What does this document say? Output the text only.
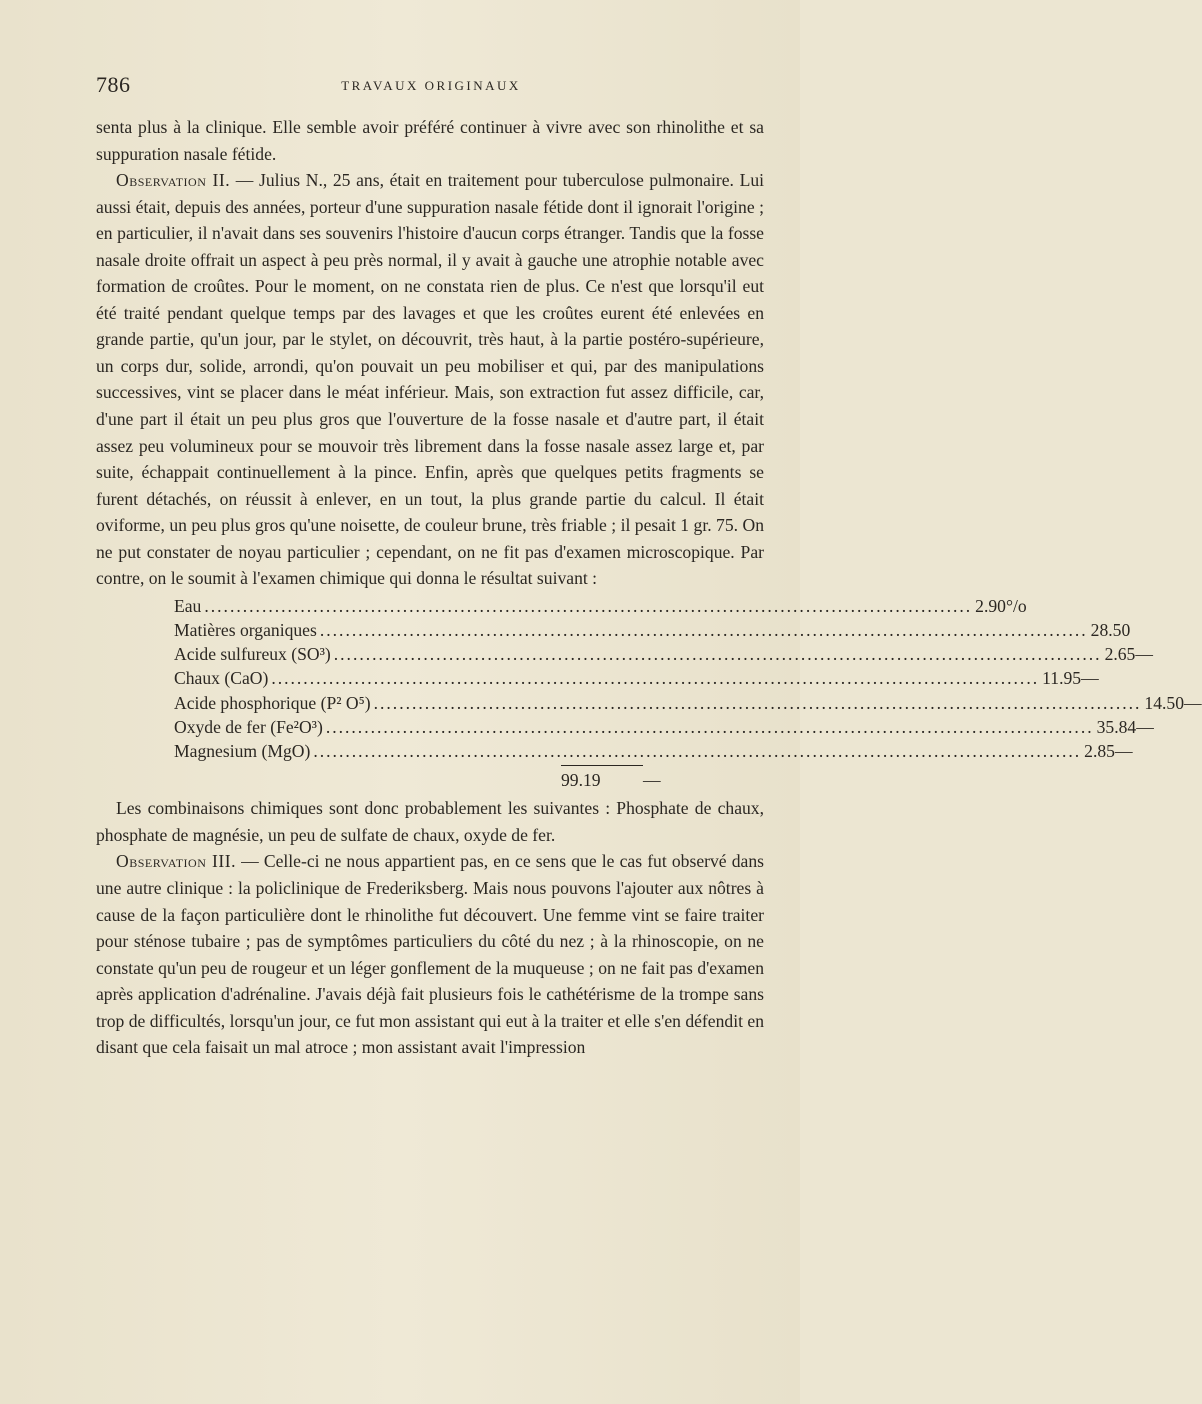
786	TRAVAUX ORIGINAUX

senta plus à la clinique. Elle semble avoir préféré continuer à vivre avec son rhinolithe et sa suppuration nasale fétide.

Observation II. — Julius N., 25 ans, était en traitement pour tuberculose pulmonaire. Lui aussi était, depuis des années, porteur d'une suppuration nasale fétide dont il ignorait l'origine ; en particulier, il n'avait dans ses souvenirs l'histoire d'aucun corps étranger. Tandis que la fosse nasale droite offrait un aspect à peu près normal, il y avait à gauche une atrophie notable avec formation de croûtes. Pour le moment, on ne constata rien de plus. Ce n'est que lorsqu'il eut été traité pendant quelque temps par des lavages et que les croûtes eurent été enlevées en grande partie, qu'un jour, par le stylet, on découvrit, très haut, à la partie postéro-supérieure, un corps dur, solide, arrondi, qu'on pouvait un peu mobiliser et qui, par des manipulations successives, vint se placer dans le méat inférieur. Mais, son extraction fut assez difficile, car, d'une part il était un peu plus gros que l'ouverture de la fosse nasale et d'autre part, il était assez peu volumineux pour se mouvoir très librement dans la fosse nasale assez large et, par suite, échappait continuellement à la pince. Enfin, après que quelques petits fragments se furent détachés, on réussit à enlever, en un tout, la plus grande partie du calcul. Il était oviforme, un peu plus gros qu'une noisette, de couleur brune, très friable ; il pesait 1 gr. 75. On ne put constater de noyau particulier ; cependant, on ne fit pas d'examen microscopique. Par contre, on le soumit à l'examen chimique qui donna le résultat suivant :

Eau ........................................................................................................................ 2.90 °/o
Matières organiques ........................................................................................................................ 28.50
Acide sulfureux (SO³) ........................................................................................................................ 2.65 —
Chaux (CaO) ........................................................................................................................ 11.95 —
Acide phosphorique (P² O⁵) ........................................................................................................................ 14.50 —
Oxyde de fer (Fe²O³) ........................................................................................................................ 35.84 —
Magnesium (MgO) ........................................................................................................................ 2.85 —
99.19	—

Les combinaisons chimiques sont donc probablement les suivantes : Phosphate de chaux, phosphate de magnésie, un peu de sulfate de chaux, oxyde de fer.

Observation III. — Celle-ci ne nous appartient pas, en ce sens que le cas fut observé dans une autre clinique : la policlinique de Frederiksberg. Mais nous pouvons l'ajouter aux nôtres à cause de la façon particulière dont le rhinolithe fut découvert. Une femme vint se faire traiter pour sténose tubaire ; pas de symptômes particuliers du côté du nez ; à la rhinoscopie, on ne constate qu'un peu de rougeur et un léger gonflement de la muqueuse ; on ne fait pas d'examen après application d'adrénaline. J'avais déjà fait plusieurs fois le cathétérisme de la trompe sans trop de difficultés, lorsqu'un jour, ce fut mon assistant qui eut à la traiter et elle s'en défendit en disant que cela faisait un mal atroce ; mon assistant avait l'impression
